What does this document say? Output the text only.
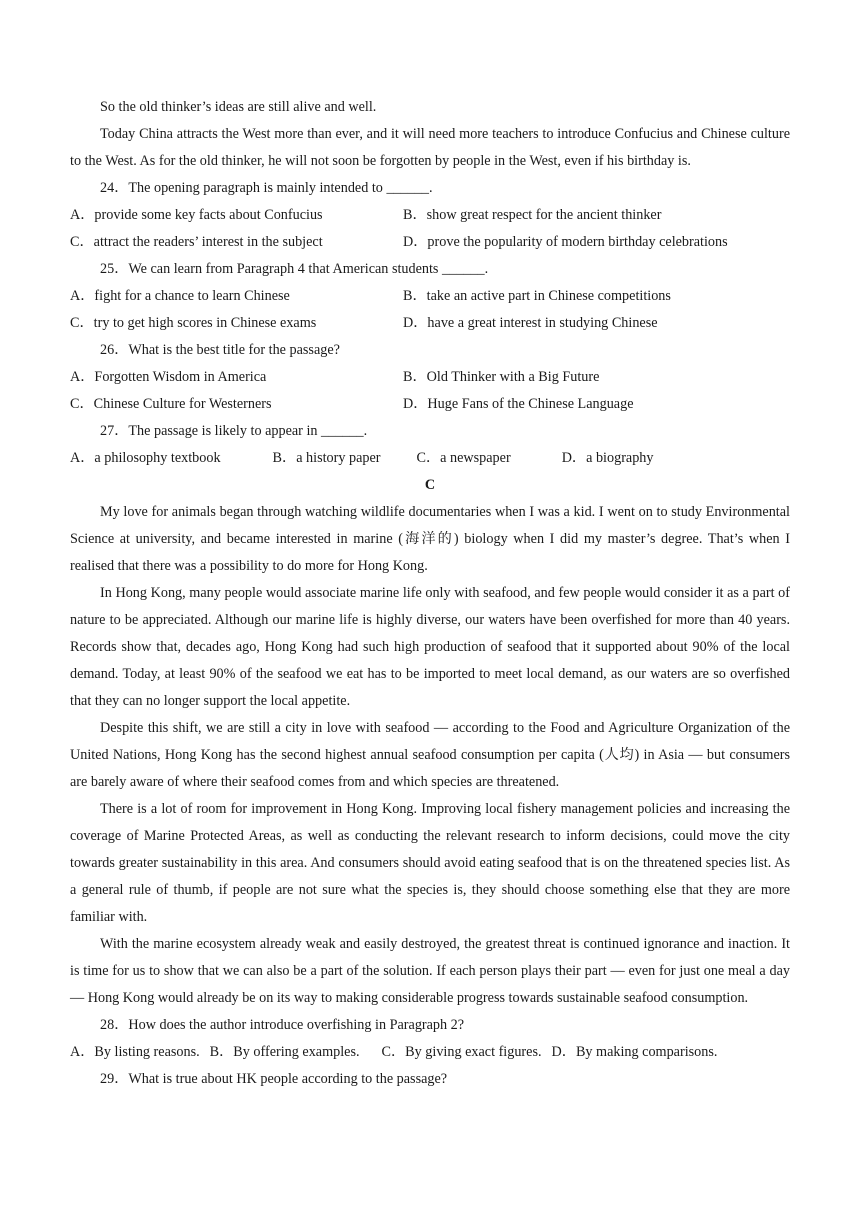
So the old thinker’s ideas are still alive and well.

Today China attracts the West more than ever, and it will need more teachers to introduce Confucius and Chinese culture to the West. As for the old thinker, he will not soon be forgotten by people in the West, even if his birthday is.

24．The opening paragraph is mainly intended to ______.

A．provide some key facts about Confucius	B．show great respect for the ancient thinker
C．attract the readers’ interest in the subject	D．prove the popularity of modern birthday celebrations

25．We can learn from Paragraph 4 that American students ______.

A．fight for a chance to learn Chinese	B．take an active part in Chinese competitions
C．try to get high scores in Chinese exams	D．have a great interest in studying Chinese

26．What is the best title for the passage?

A．Forgotten Wisdom in America	B．Old Thinker with a Big Future
C．Chinese Culture for Westerners	D．Huge Fans of the Chinese Language

27．The passage is likely to appear in ______.

A．a philosophy textbook	B．a history paper	C．a newspaper	D．a biography
C

My love for animals began through watching wildlife documentaries when I was a kid. I went on to study Environmental Science at university, and became interested in marine (海洋的) biology when I did my master’s degree. That’s when I realised that there was a possibility to do more for Hong Kong.

In Hong Kong, many people would associate marine life only with seafood, and few people would consider it as a part of nature to be appreciated. Although our marine life is highly diverse, our waters have been overfished for more than 40 years. Records show that, decades ago, Hong Kong had such high production of seafood that it supported about 90% of the local demand. Today, at least 90% of the seafood we eat has to be imported to meet local demand, as our waters are so overfished that they can no longer support the local appetite.

Despite this shift, we are still a city in love with seafood — according to the Food and Agriculture Organization of the United Nations, Hong Kong has the second highest annual seafood consumption per capita (人均) in Asia — but consumers are barely aware of where their seafood comes from and which species are threatened.

There is a lot of room for improvement in Hong Kong. Improving local fishery management policies and increasing the coverage of Marine Protected Areas, as well as conducting the relevant research to inform decisions, could move the city towards greater sustainability in this area. And consumers should avoid eating seafood that is on the threatened species list. As a general rule of thumb, if people are not sure what the species is, they should choose something else that they are more familiar with.

With the marine ecosystem already weak and easily destroyed, the greatest threat is continued ignorance and inaction. It is time for us to show that we can also be a part of the solution. If each person plays their part — even for just one meal a day — Hong Kong would already be on its way to making considerable progress towards sustainable seafood consumption.

28．How does the author introduce overfishing in Paragraph 2?

A．By listing reasons. B．By offering examples. C．By giving exact figures. D．By making comparisons.

29．What is true about HK people according to the passage?
